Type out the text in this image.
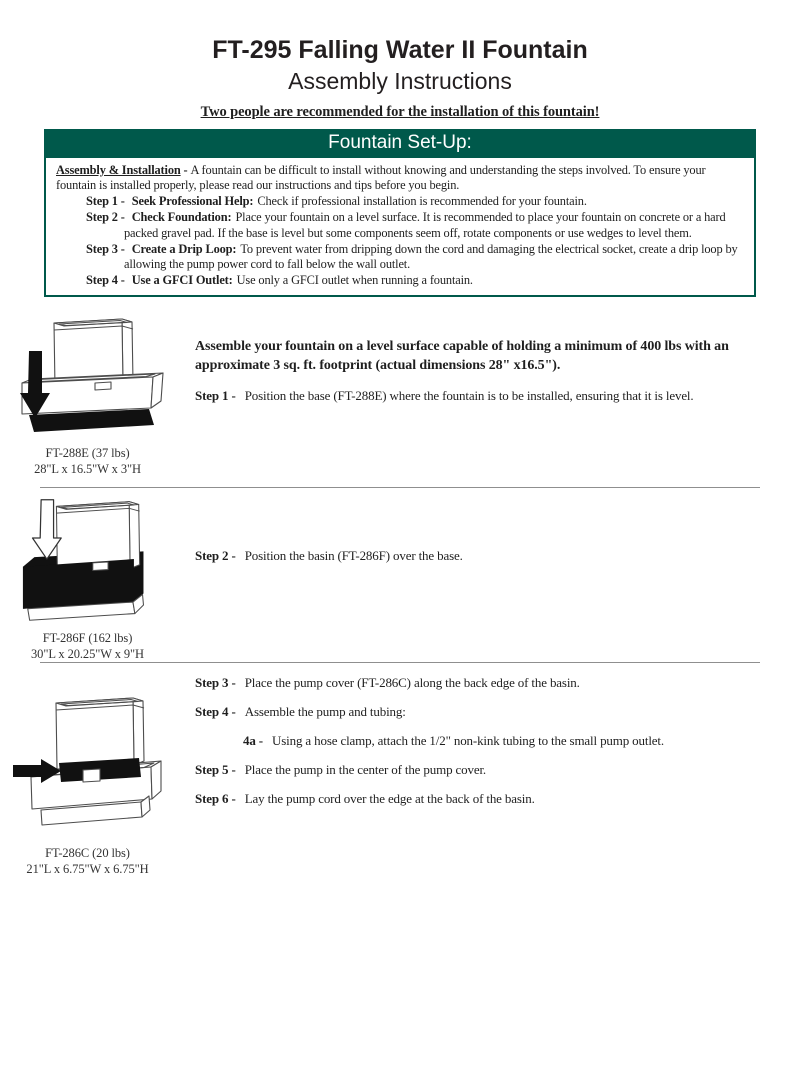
FT-295 Falling Water II Fountain
Assembly Instructions
Two people are recommended for the installation of this fountain!
Fountain Set-Up:

Assembly & Installation - A fountain can be difficult to install without knowing and understanding the steps involved. To ensure your fountain is installed properly, please read our instructions and tips before you begin.

Step 1 - Seek Professional Help: Check if professional installation is recommended for your fountain.

Step 2 - Check Foundation: Place your fountain on a level surface. It is recommended to place your fountain on concrete or a hard packed gravel pad. If the base is level but some components seem off, rotate components or use wedges to level them.

Step 3 - Create a Drip Loop: To prevent water from dripping down the cord and damaging the electrical socket, create a drip loop by allowing the pump power cord to fall below the wall outlet.

Step 4 - Use a GFCI Outlet: Use only a GFCI outlet when running a fountain.

FT-288E (37 lbs)
28"L x 16.5"W x 3"H

Assemble your fountain on a level surface capable of holding a minimum of 400 lbs with an approximate 3 sq. ft. footprint (actual dimensions 28" x16.5").

Step 1 - Position the base (FT-288E) where the fountain is to be installed, ensuring that it is level.

FT-286F (162 lbs)
30"L x 20.25"W x 9"H

Step 2 - Position the basin (FT-286F) over the base.

FT-286C (20 lbs)
21"L x 6.75"W x 6.75"H

Step 3 - Place the pump cover (FT-286C) along the back edge of the basin.

Step 4 - Assemble the pump and tubing:

4a - Using a hose clamp, attach the 1/2" non-kink tubing to the small pump outlet.

Step 5 - Place the pump in the center of the pump cover.

Step 6 - Lay the pump cord over the edge at the back of the basin.
